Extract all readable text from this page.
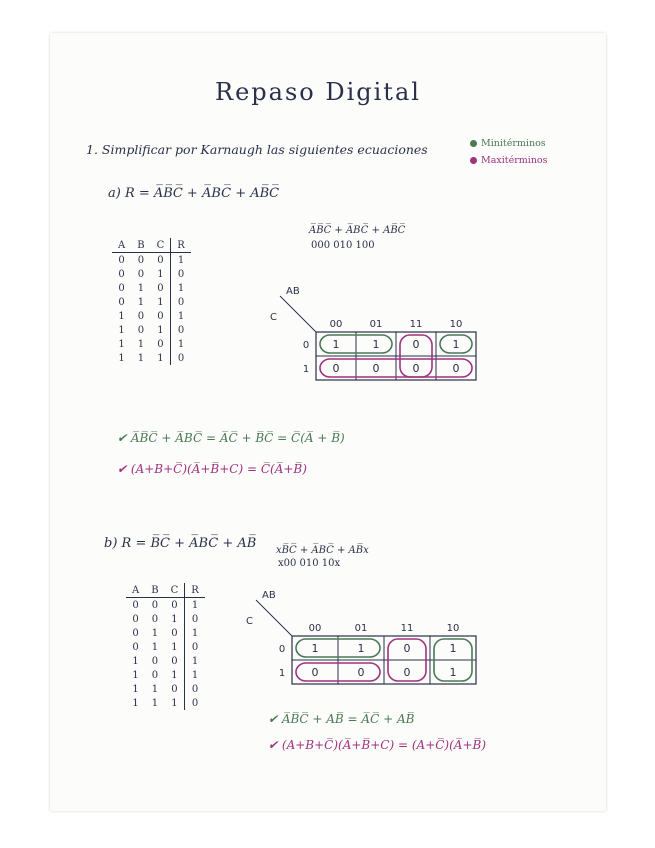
Repaso Digital
1. Simplificar por Karnaugh las siguientes ecuaciones	Minitérminos
Maxitérminos
a) R = A̅B̅C̅ + A̅BC̅ + AB̅C̅
A	B	C	R
0	0	0	1
0	0	1	0
0	1	0	1
0	1	1	0
1	0	0	1
1	0	1	0
1	1	0	1
1	1	1	0
A̅B̅C̅ + A̅BC̅ + AB̅C̅
000 010 100
b) R = B̅C̅ + A̅BC̅ + AB̅
A	B	C	R
0	0	0	1
0	0	1	0
0	1	0	1
0	1	1	0
1	0	0	1
1	0	1	1
1	1	0	0
1	1	1	0
xB̅C̅ + A̅BC̅ + AB̅x
x00 010 10x
AB
C
00	01	11	10
0
1
1	1	0	1
0	0	0	0
AB
C
00	01	11	10
0
1
1	1	0	1
0	0	0	1
✔ A̅B̅C̅ + A̅BC̅ = A̅C̅ + B̅C̅ = C̅(A̅ + B̅)
✔ (A+B+C̅)(A̅+B̅+C) = C̅(A̅+B̅)
✔ A̅B̅C̅ + AB̅ = A̅C̅ + AB̅
✔ (A+B+C̅)(A̅+B̅+C) = (A+C̅)(A̅+B̅)
